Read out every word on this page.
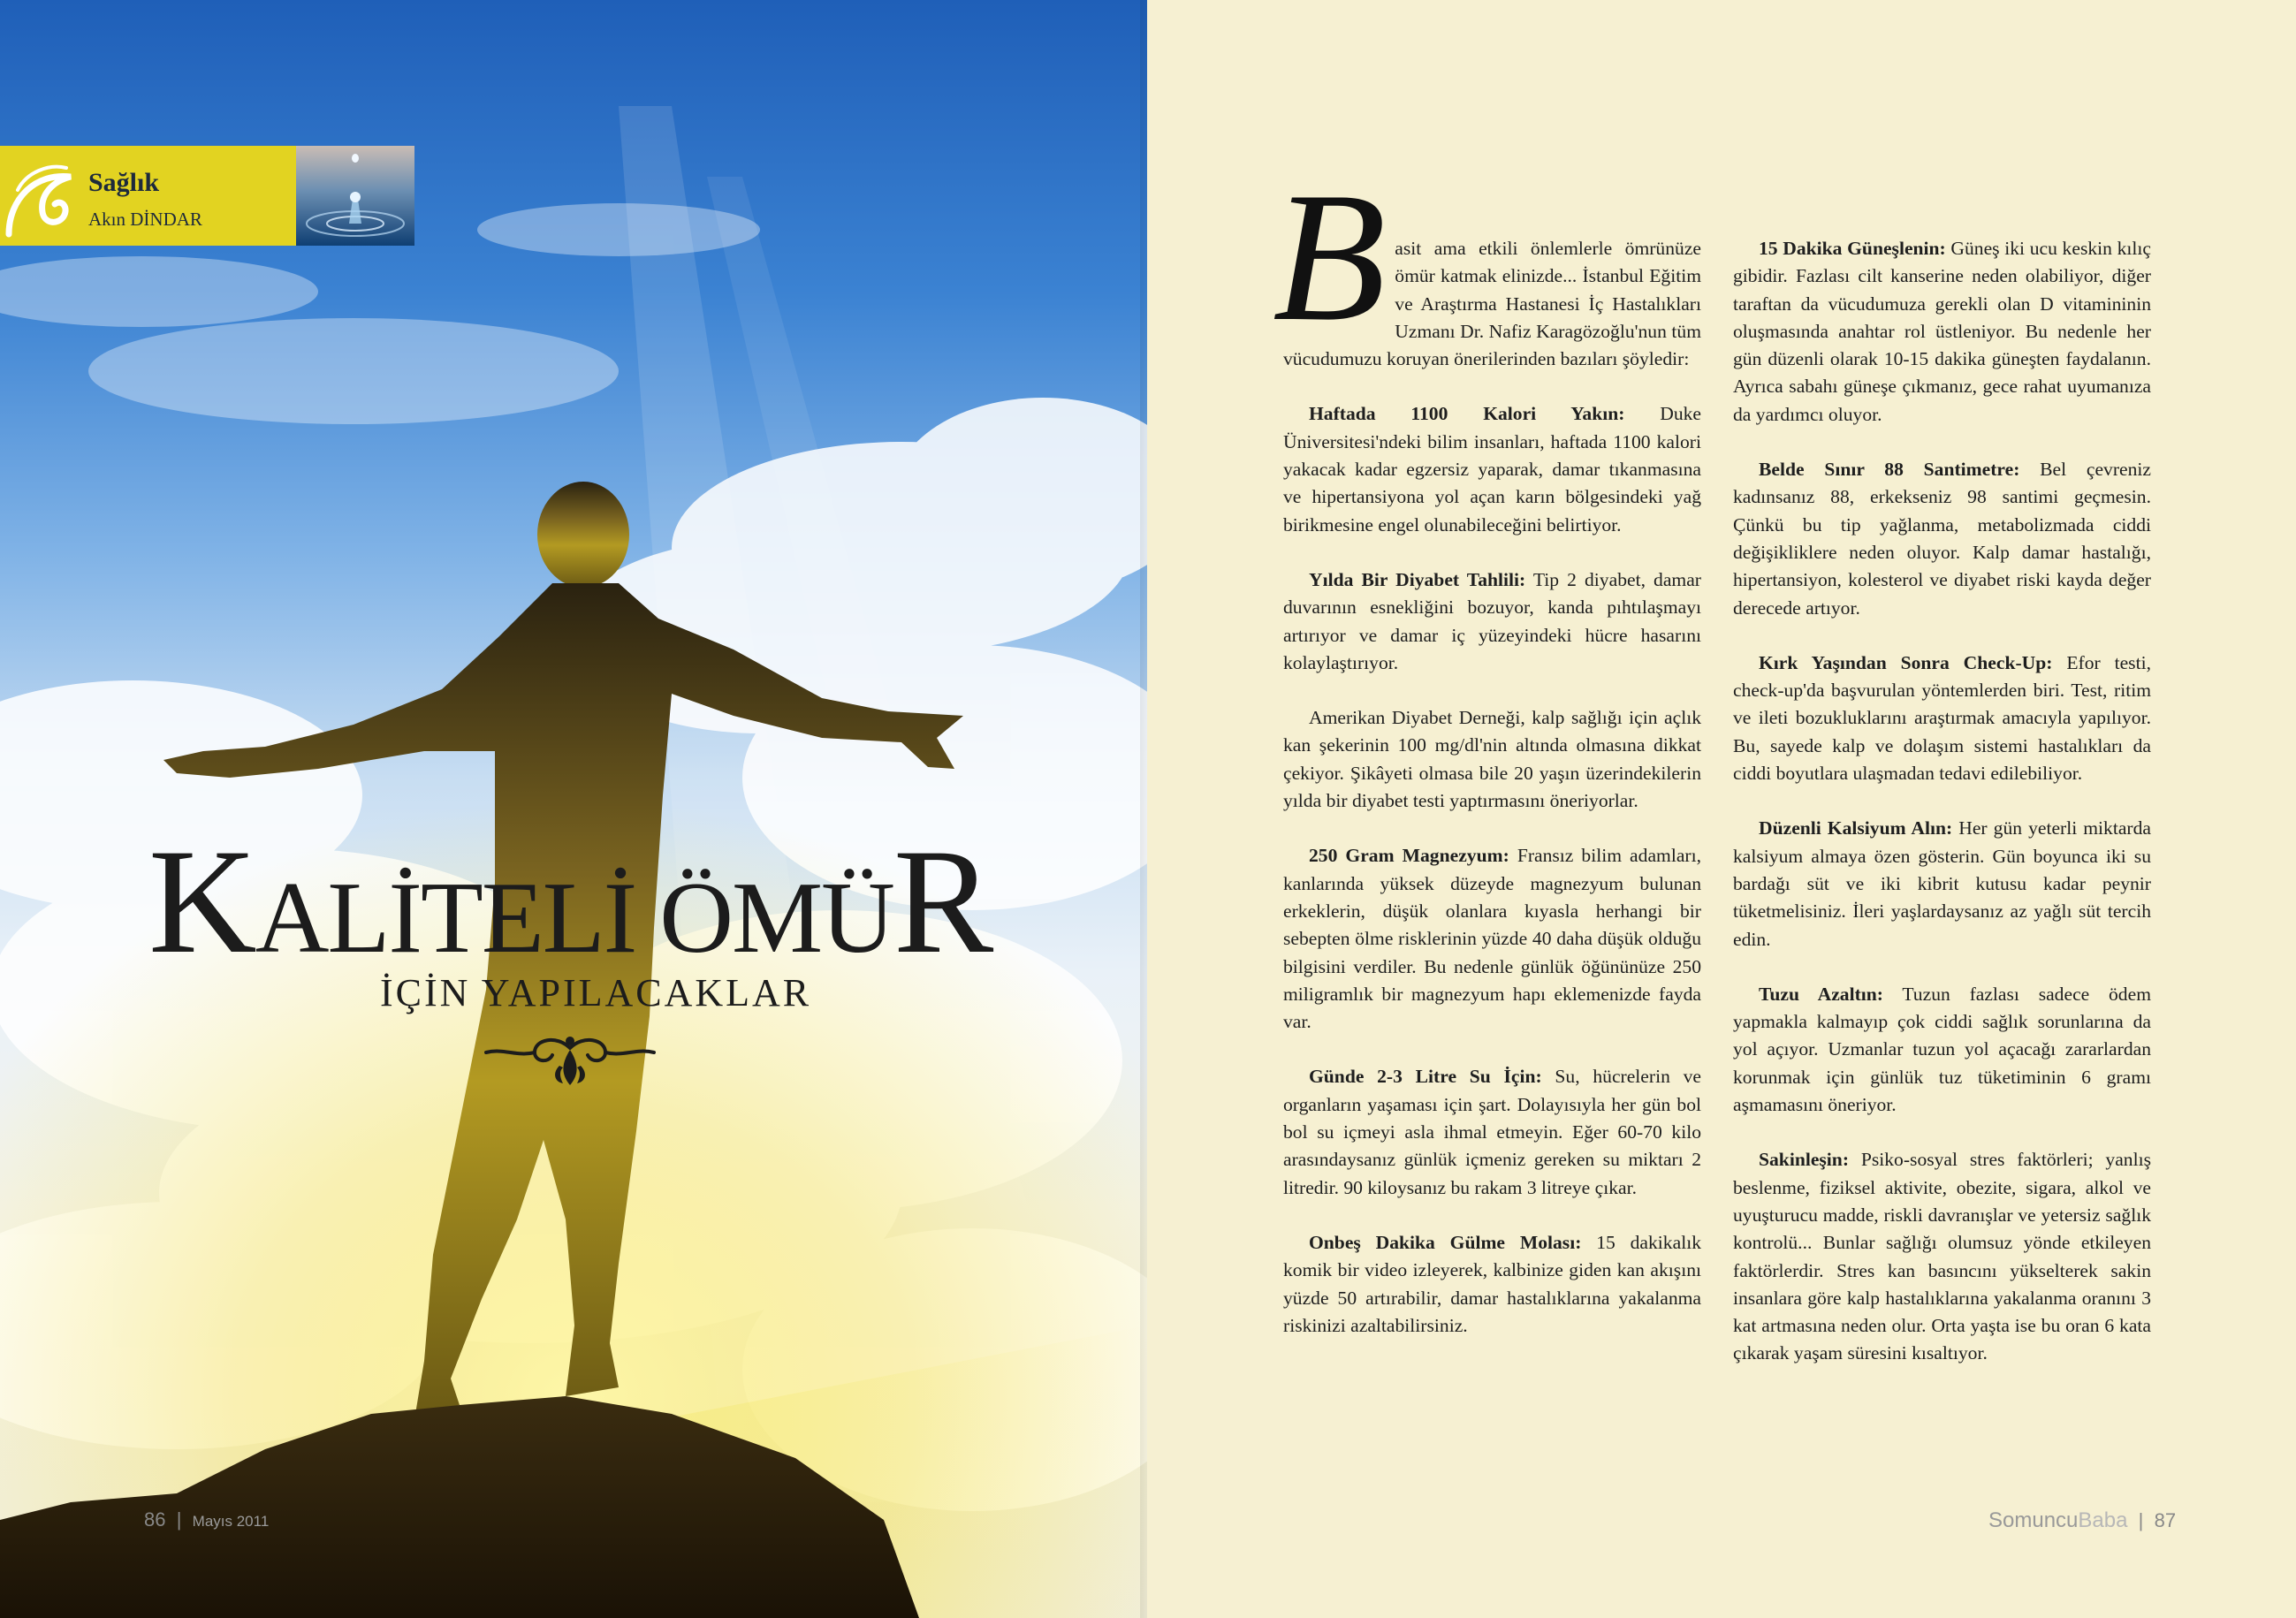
Sağlık
Akın DİNDAR
KALİTELİ ÖMÜR
İÇİN YAPILACAKLAR
86  |  Mayıs 2011

Basit ama etkili önlemlerle ömrünüze ömür katmak elinizde... İstanbul Eğitim ve Araştırma Hastanesi İç Hastalıkları Uzmanı Dr. Nafiz Karagözoğlu'nun tüm vücudumuzu koruyan önerilerinden bazıları şöyledir:

Haftada 1100 Kalori Yakın: Duke Üniversitesi'ndeki bilim insanları, haftada 1100 kalori yakacak kadar egzersiz yaparak, damar tıkanmasına ve hipertansiyona yol açan karın bölgesindeki yağ birikmesine engel olunabileceğini belirtiyor.

Yılda Bir Diyabet Tahlili: Tip 2 diyabet, damar duvarının esnekliğini bozuyor, kanda pıhtılaşmayı artırıyor ve damar iç yüzeyindeki hücre hasarını kolaylaştırıyor.

Amerikan Diyabet Derneği, kalp sağlığı için açlık kan şekerinin 100 mg/dl'nin altında olmasına dikkat çekiyor. Şikâyeti olmasa bile 20 yaşın üzerindekilerin yılda bir diyabet testi yaptırmasını öneriyorlar.

250 Gram Magnezyum: Fransız bilim adamları, kanlarında yüksek düzeyde magnezyum bulunan erkeklerin, düşük olanlara kıyasla herhangi bir sebepten ölme risklerinin yüzde 40 daha düşük olduğu bilgisini verdiler. Bu nedenle günlük öğününüze 250 miligramlık bir magnezyum hapı eklemenizde fayda var.

Günde 2-3 Litre Su İçin: Su, hücrelerin ve organların yaşaması için şart. Dolayısıyla her gün bol bol su içmeyi asla ihmal etmeyin. Eğer 60-70 kilo arasındaysanız günlük içmeniz gereken su miktarı 2 litredir. 90 kiloysanız bu rakam 3 litreye çıkar.

Onbeş Dakika Gülme Molası: 15 dakikalık komik bir video izleyerek, kalbinize giden kan akışını yüzde 50 artırabilir, damar hastalıklarına yakalanma riskinizi azaltabilirsiniz.

15 Dakika Güneşlenin: Güneş iki ucu keskin kılıç gibidir. Fazlası cilt kanserine neden olabiliyor, diğer taraftan da vücudumuza gerekli olan D vitamininin oluşmasında anahtar rol üstleniyor. Bu nedenle her gün düzenli olarak 10-15 dakika güneşten faydalanın. Ayrıca sabahı güneşe çıkmanız, gece rahat uyumanıza da yardımcı oluyor.

Belde Sınır 88 Santimetre: Bel çevreniz kadınsanız 88, erkekseniz 98 santimi geçmesin. Çünkü bu tip yağlanma, metabolizmada ciddi değişikliklere neden oluyor. Kalp damar hastalığı, hipertansiyon, kolesterol ve diyabet riski kayda değer derecede artıyor.

Kırk Yaşından Sonra Check-Up: Efor testi, check-up'da başvurulan yöntemlerden biri. Test, ritim ve ileti bozukluklarını araştırmak amacıyla yapılıyor. Bu, sayede kalp ve dolaşım sistemi hastalıkları da ciddi boyutlara ulaşmadan tedavi edilebiliyor.

Düzenli Kalsiyum Alın: Her gün yeterli miktarda kalsiyum almaya özen gösterin. Gün boyunca iki su bardağı süt ve iki kibrit kutusu kadar peynir tüketmelisiniz. İleri yaşlardaysanız az yağlı süt tercih edin.

Tuzu Azaltın: Tuzun fazlası sadece ödem yapmakla kalmayıp çok ciddi sağlık sorunlarına da yol açıyor. Uzmanlar tuzun yol açacağı zararlardan korunmak için günlük tuz tüketiminin 6 gramı aşmamasını öneriyor.

Sakinleşin: Psiko-sosyal stres faktörleri; yanlış beslenme, fiziksel aktivite, obezite, sigara, alkol ve uyuşturucu madde, riskli davranışlar ve yetersiz sağlık kontrolü... Bunlar sağlığı olumsuz yönde etkileyen faktörlerdir. Stres kan basıncını yükselterek sakin insanlara göre kalp hastalıklarına yakalanma oranını 3 kat artmasına neden olur. Orta yaşta ise bu oran 6 kata çıkarak yaşam süresini kısaltıyor.

SomuncuBaba  |  87
